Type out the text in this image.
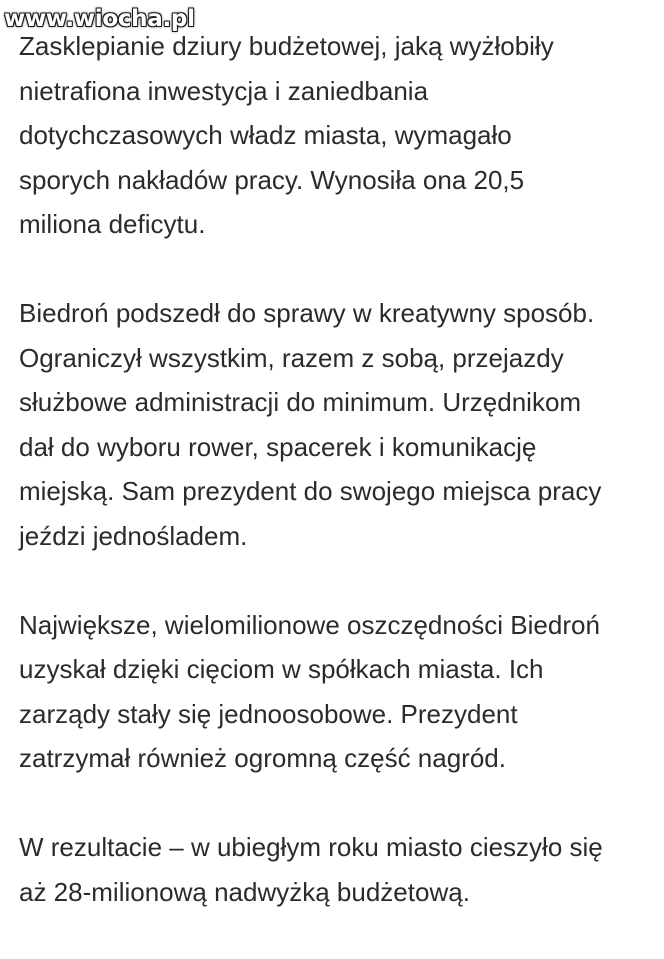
www.wiocha.pl

Zasklepianie dziury budżetowej, jaką wyżłobiły
nietrafiona inwestycja i zaniedbania
dotychczasowych władz miasta, wymagało
sporych nakładów pracy. Wynosiła ona 20,5
miliona deficytu.

Biedroń podszedł do sprawy w kreatywny sposób.
Ograniczył wszystkim, razem z sobą, przejazdy
służbowe administracji do minimum. Urzędnikom
dał do wyboru rower, spacerek i komunikację
miejską. Sam prezydent do swojego miejsca pracy
jeździ jednośladem.

Największe, wielomilionowe oszczędności Biedroń
uzyskał dzięki cięciom w spółkach miasta. Ich
zarządy stały się jednoosobowe. Prezydent
zatrzymał również ogromną część nagród.

W rezultacie – w ubiegłym roku miasto cieszyło się
aż 28-milionową nadwyżką budżetową.
